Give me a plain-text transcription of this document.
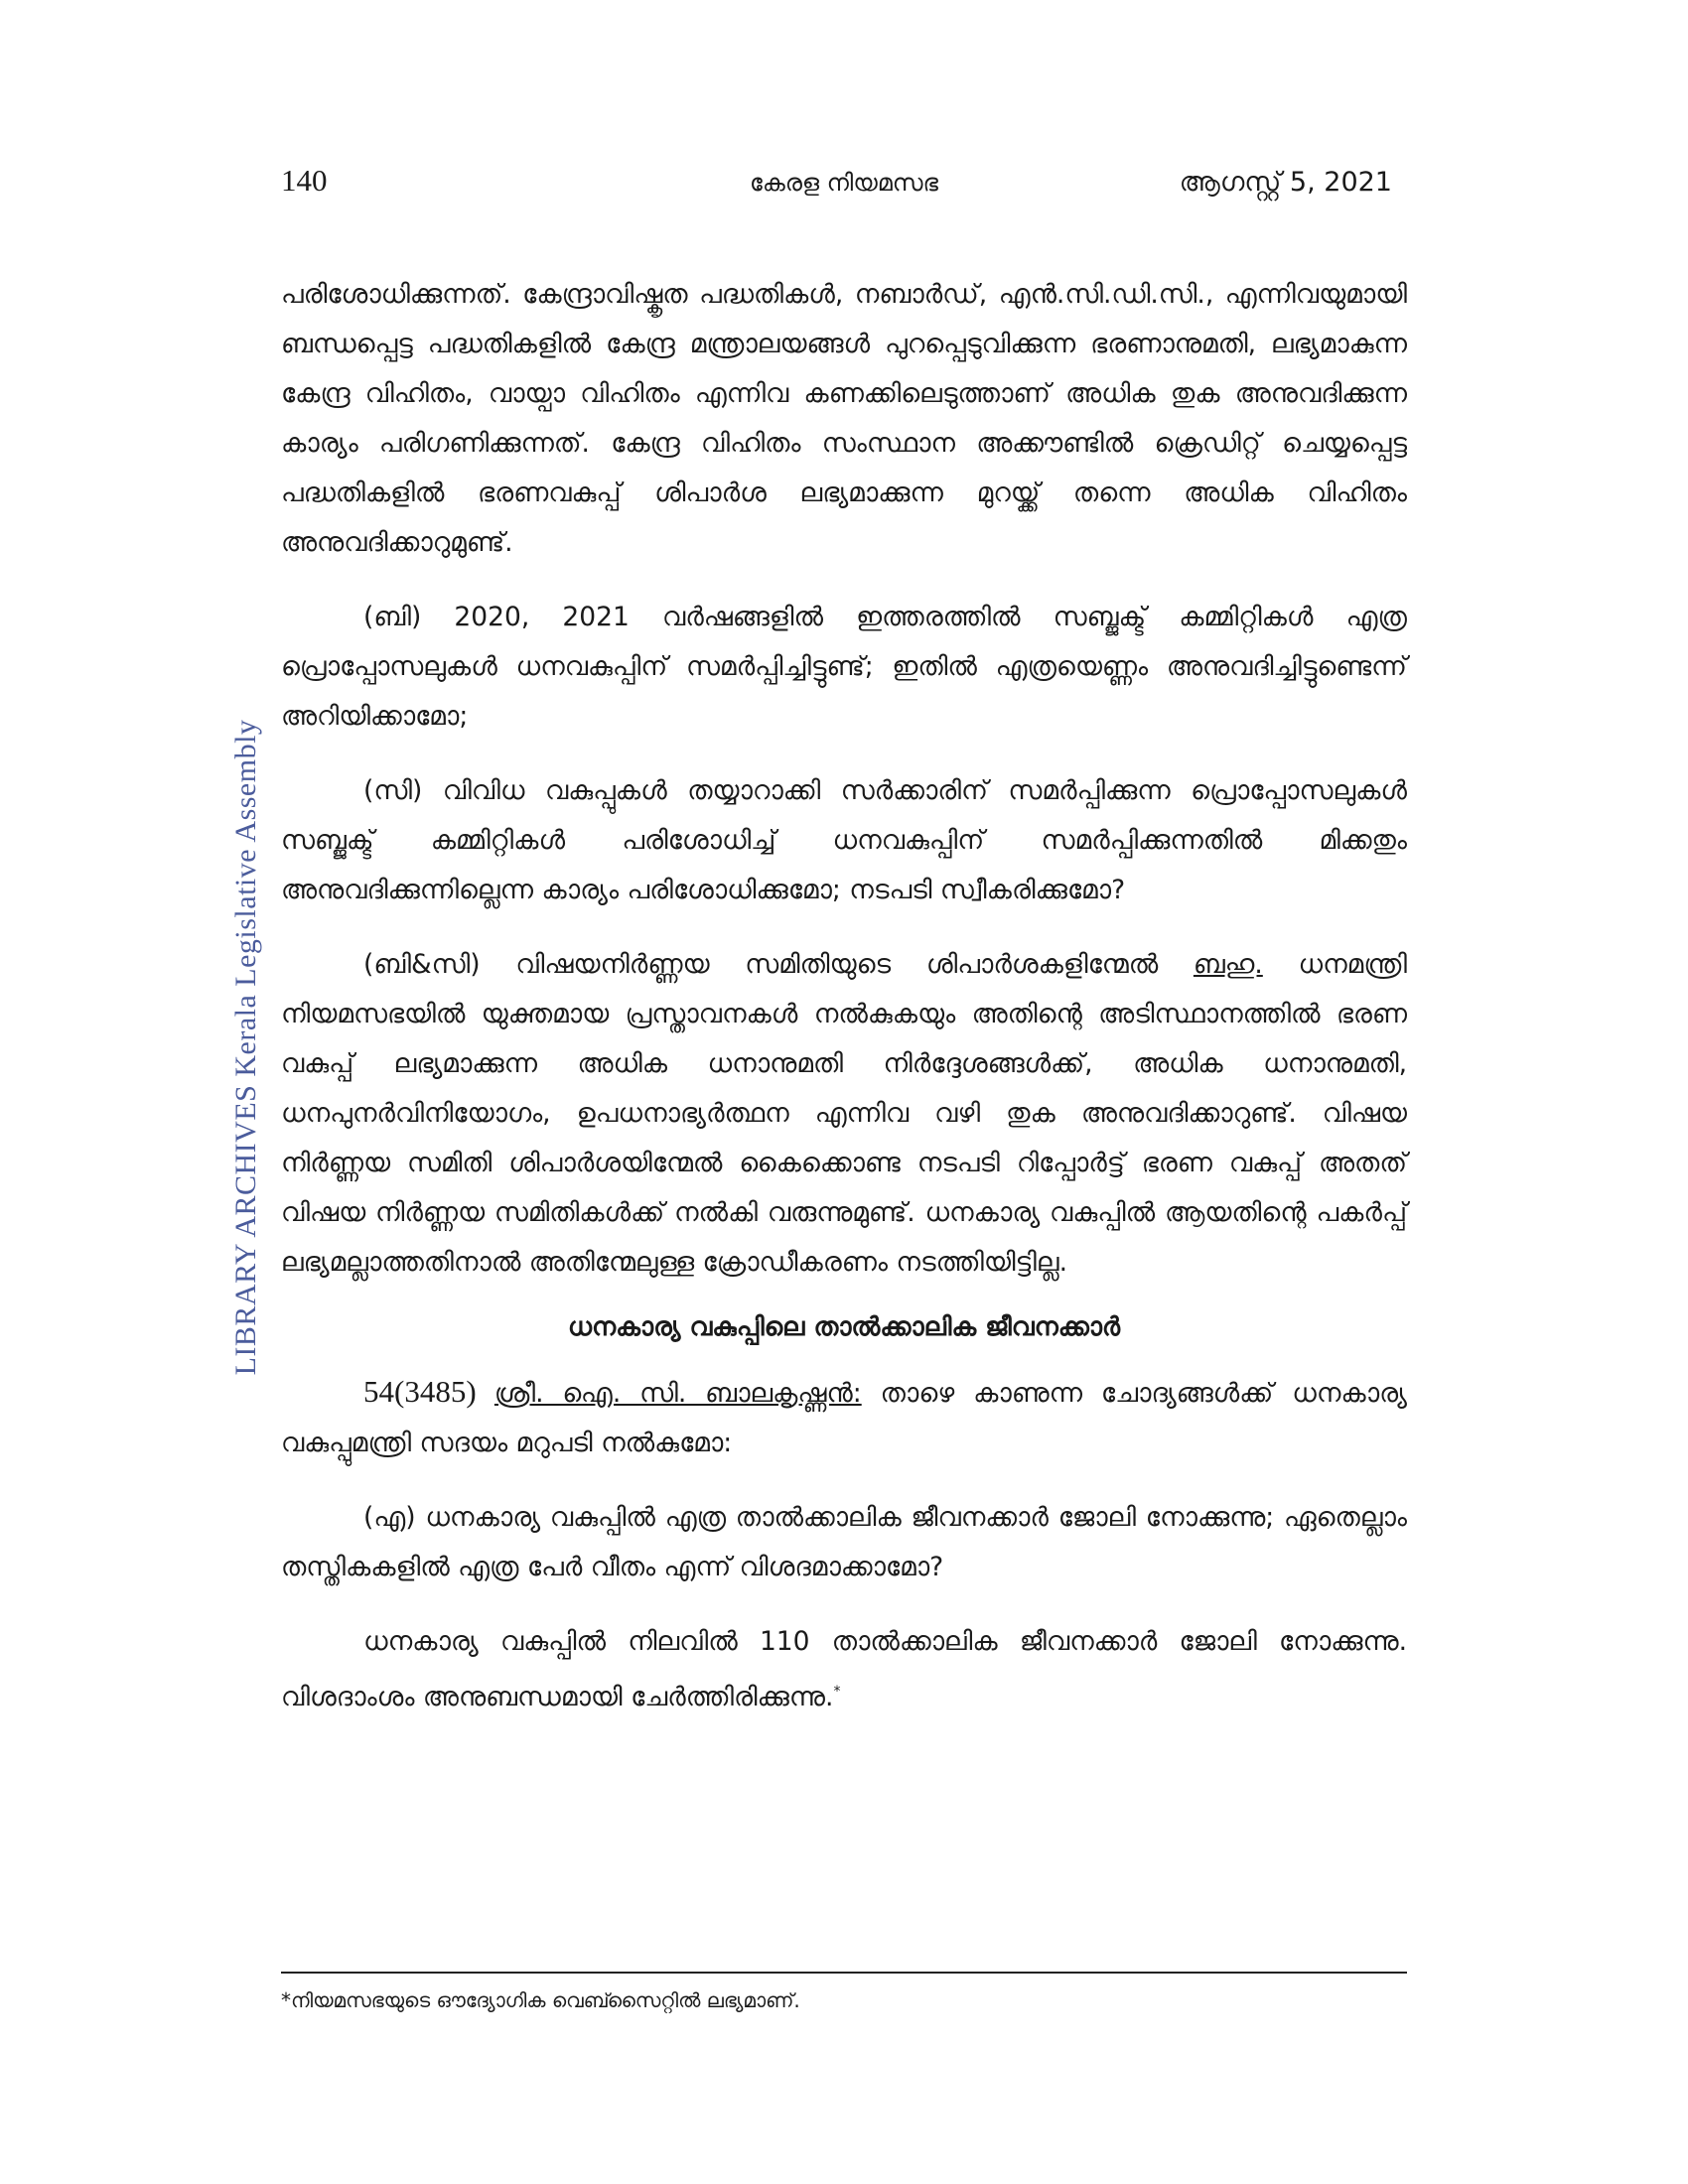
140	കേരള നിയമസഭ	ആഗസ്റ്റ് 5, 2021
LIBRARY ARCHIVES Kerala Legislative Assembly

പരിശോധിക്കുന്നത്. കേന്ദ്രാവിഷ്കൃത പദ്ധതികൾ, നബാർഡ്, എൻ.സി.ഡി.സി., എന്നിവയുമായി ബന്ധപ്പെട്ട പദ്ധതികളിൽ കേന്ദ്ര മന്ത്രാലയങ്ങൾ പുറപ്പെടുവിക്കുന്ന ഭരണാനുമതി, ലഭ്യമാകുന്ന കേന്ദ്ര വിഹിതം, വായ്പാ വിഹിതം എന്നിവ കണക്കിലെടുത്താണ് അധിക തുക അനുവദിക്കുന്ന കാര്യം പരിഗണിക്കുന്നത്. കേന്ദ്ര വിഹിതം സംസ്ഥാന അക്കൗണ്ടിൽ ക്രെഡിറ്റ് ചെയ്യപ്പെട്ട പദ്ധതികളിൽ ഭരണവകുപ്പ് ശിപാർശ ലഭ്യമാക്കുന്ന മുറയ്ക്ക് തന്നെ അധിക വിഹിതം അനുവദിക്കാറുമുണ്ട്.

(ബി) 2020, 2021 വർഷങ്ങളിൽ ഇത്തരത്തിൽ സബ്ജക്ട് കമ്മിറ്റികൾ എത്ര പ്രൊപ്പോസലുകൾ ധനവകുപ്പിന് സമർപ്പിച്ചിട്ടുണ്ട്; ഇതിൽ എത്രയെണ്ണം അനുവദിച്ചിട്ടുണ്ടെന്ന് അറിയിക്കാമോ;

(സി) വിവിധ വകുപ്പുകൾ തയ്യാറാക്കി സർക്കാരിന് സമർപ്പിക്കുന്ന പ്രൊപ്പോസലുകൾ സബ്ജക്ട് കമ്മിറ്റികൾ പരിശോധിച്ച് ധനവകുപ്പിന് സമർപ്പിക്കുന്നതിൽ മിക്കതും അനുവദിക്കുന്നില്ലെന്ന കാര്യം പരിശോധിക്കുമോ; നടപടി സ്വീകരിക്കുമോ?

(ബി&സി) വിഷയനിർണ്ണയ സമിതിയുടെ ശിപാർശകളിന്മേൽ ബഹു. ധനമന്ത്രി നിയമസഭയിൽ യുക്തമായ പ്രസ്താവനകൾ നൽകുകയും അതിന്റെ അടിസ്ഥാനത്തിൽ ഭരണ വകുപ്പ് ലഭ്യമാക്കുന്ന അധിക ധനാനുമതി നിർദ്ദേശങ്ങൾക്ക്, അധിക ധനാനുമതി, ധനപുനർവിനിയോഗം, ഉപധനാഭ്യർത്ഥന എന്നിവ വഴി തുക അനുവദിക്കാറുണ്ട്. വിഷയ നിർണ്ണയ സമിതി ശിപാർശയിന്മേൽ കൈക്കൊണ്ട നടപടി റിപ്പോർട്ട് ഭരണ വകുപ്പ് അതത് വിഷയ നിർണ്ണയ സമിതികൾക്ക് നൽകി വരുന്നുമുണ്ട്. ധനകാര്യ വകുപ്പിൽ ആയതിന്റെ പകർപ്പ് ലഭ്യമല്ലാത്തതിനാൽ അതിന്മേലുള്ള ക്രോഡീകരണം നടത്തിയിട്ടില്ല.

ധനകാര്യ വകുപ്പിലെ താൽക്കാലിക ജീവനക്കാർ

54(3485) ശ്രീ. ഐ. സി. ബാലകൃഷ്ണൻ: താഴെ കാണുന്ന ചോദ്യങ്ങൾക്ക് ധനകാര്യ വകുപ്പുമന്ത്രി സദയം മറുപടി നൽകുമോ:

(എ) ധനകാര്യ വകുപ്പിൽ എത്ര താൽക്കാലിക ജീവനക്കാർ ജോലി നോക്കുന്നു; ഏതെല്ലാം തസ്തികകളിൽ എത്ര പേർ വീതം എന്ന് വിശദമാക്കാമോ?

ധനകാര്യ വകുപ്പിൽ നിലവിൽ 110 താൽക്കാലിക ജീവനക്കാർ ജോലി നോക്കുന്നു. വിശദാംശം അനുബന്ധമായി ചേർത്തിരിക്കുന്നു.*

*നിയമസഭയുടെ ഔദ്യോഗിക വെബ്സൈറ്റിൽ ലഭ്യമാണ്.
